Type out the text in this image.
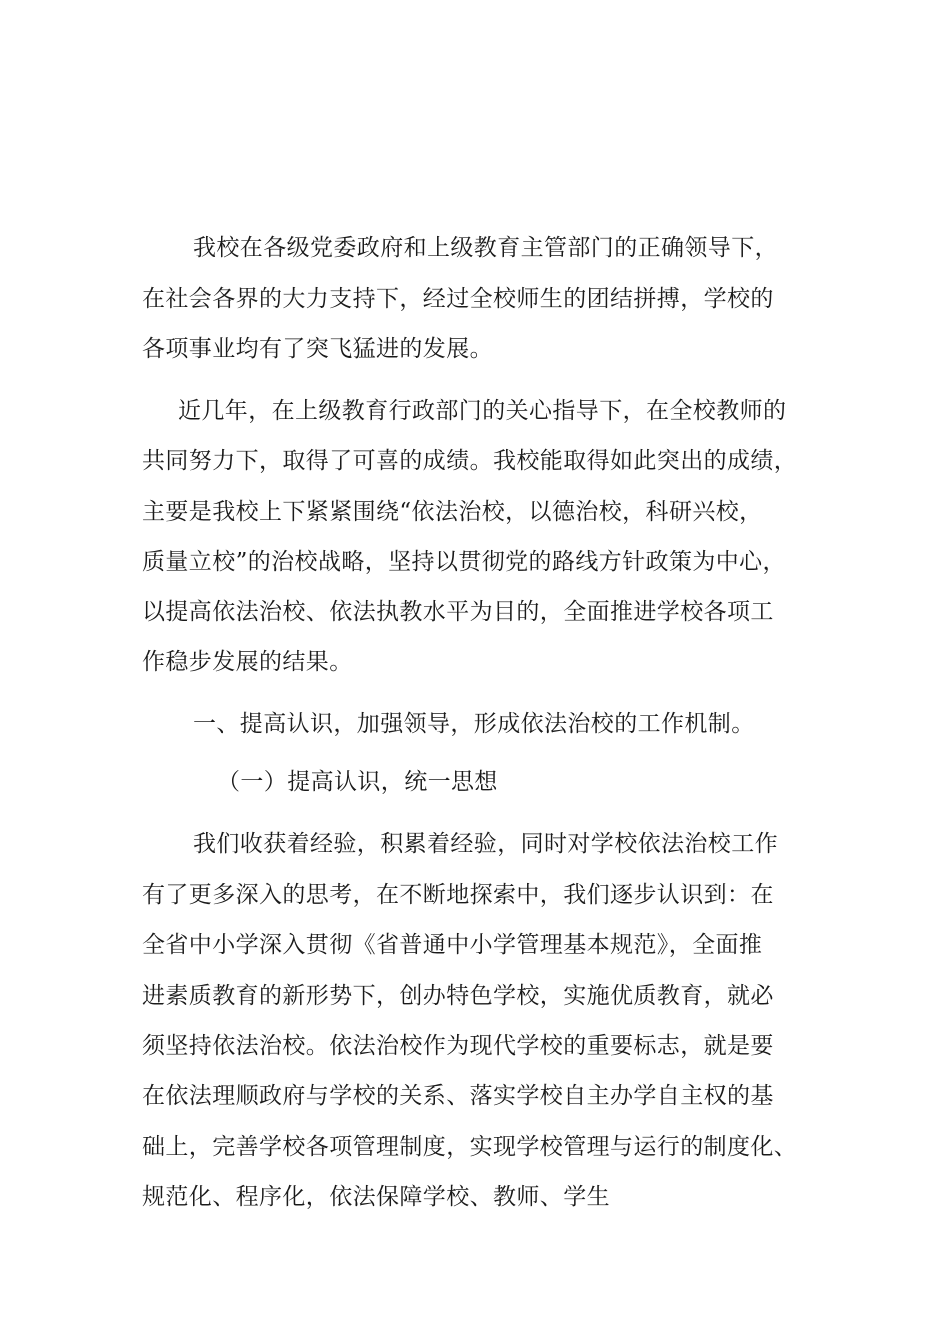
我校在各级党委政府和上级教育主管部门的正确领导下，
在社会各界的大力支持下，经过全校师生的团结拼搏，学校的
各项事业均有了突飞猛进的发展。
近几年，在上级教育行政部门的关心指导下，在全校教师的
共同努力下，取得了可喜的成绩。我校能取得如此突出的成绩，
主要是我校上下紧紧围绕“依法治校，以德治校，科研兴校，
质量立校”的治校战略，坚持以贯彻党的路线方针政策为中心，
以提高依法治校、依法执教水平为目的，全面推进学校各项工
作稳步发展的结果。
一、提高认识，加强领导，形成依法治校的工作机制。
（一）提高认识，统一思想
我们收获着经验，积累着经验，同时对学校依法治校工作
有了更多深入的思考，在不断地探索中，我们逐步认识到：在
全省中小学深入贯彻《省普通中小学管理基本规范》，全面推
进素质教育的新形势下，创办特色学校，实施优质教育，就必
须坚持依法治校。依法治校作为现代学校的重要标志，就是要
在依法理顺政府与学校的关系、落实学校自主办学自主权的基
础上，完善学校各项管理制度，实现学校管理与运行的制度化、
规范化、程序化，依法保障学校、教师、学生
